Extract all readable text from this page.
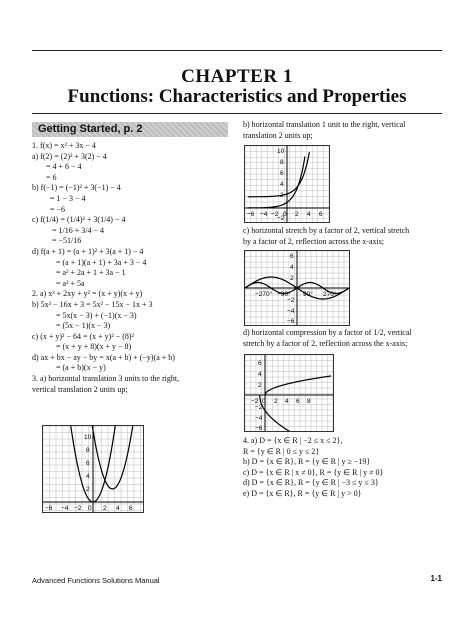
CHAPTER 1
Functions: Characteristics and Properties
Getting Started, p. 2
1. f(x) = x² + 3x − 4
a) f(2) = (2)² + 3(2) − 4
= 4 + 6 − 4
= 6
b) f(−1) = (−1)² + 3(−1) − 4
= 1 − 3 − 4
= −6
c) f(1/4) = (1/4)² + 3(1/4) − 4
= 1/16 + 3/4 − 4
= −51/16
d) f(a + 1) = (a + 1)² + 3(a + 1) − 4
= (a + 1)(a + 1) + 3a + 3 − 4
= a² + 2a + 1 + 3a − 1
= a² + 5a
2. a) x² + 2xy + y² = (x + y)(x + y)
b) 5x² − 16x + 3 = 5x² − 15x − 1x + 3
= 5x(x − 3) + (−1)(x − 3)
= (5x − 1)(x − 3)
c) (x + y)² − 64 = (x + y)² − (8)²
= (x + y + 8)(x + y − 8)
d) ax + bx − ay − by = x(a + b) + (−y)(a + b)
= (a + b)(x − y)
3. a) horizontal translation 3 units to the right,
vertical translation 2 units up;
10
8
6
4
2
−6 −4 −2 0 2 4 6
b) horizontal translation 1 unit to the right, vertical
translation 2 units up;
10
8
6
4
2
−2
−6 −4 −2 0 2 4 6
c) horizontal stretch by a factor of 2, vertical stretch
by a factor of 2, reflection across the x-axis;
6
4
2
−2
−4
−6
−270° −90° 90° 270°
d) horizontal compression by a factor of 1/2, vertical
stretch by a factor of 2, reflection across the x-axis;
6
4
2
−2
−4
−6
−2 0 2 4 6 8
4. a) D = {x ∈ R | −2 ≤ x ≤ 2},
R = {y ∈ R | 0 ≤ y ≤ 2}
b) D = {x ∈ R}, R = {y ∈ R | y ≥ −19}
c) D = {x ∈ R | x ≠ 0}, R = {y ∈ R | y ≠ 0}
d) D = {x ∈ R}, R = {y ∈ R | −3 ≤ y ≤ 3}
e) D = {x ∈ R}, R = {y ∈ R | y > 0}
Advanced Functions Solutions Manual	1-1
